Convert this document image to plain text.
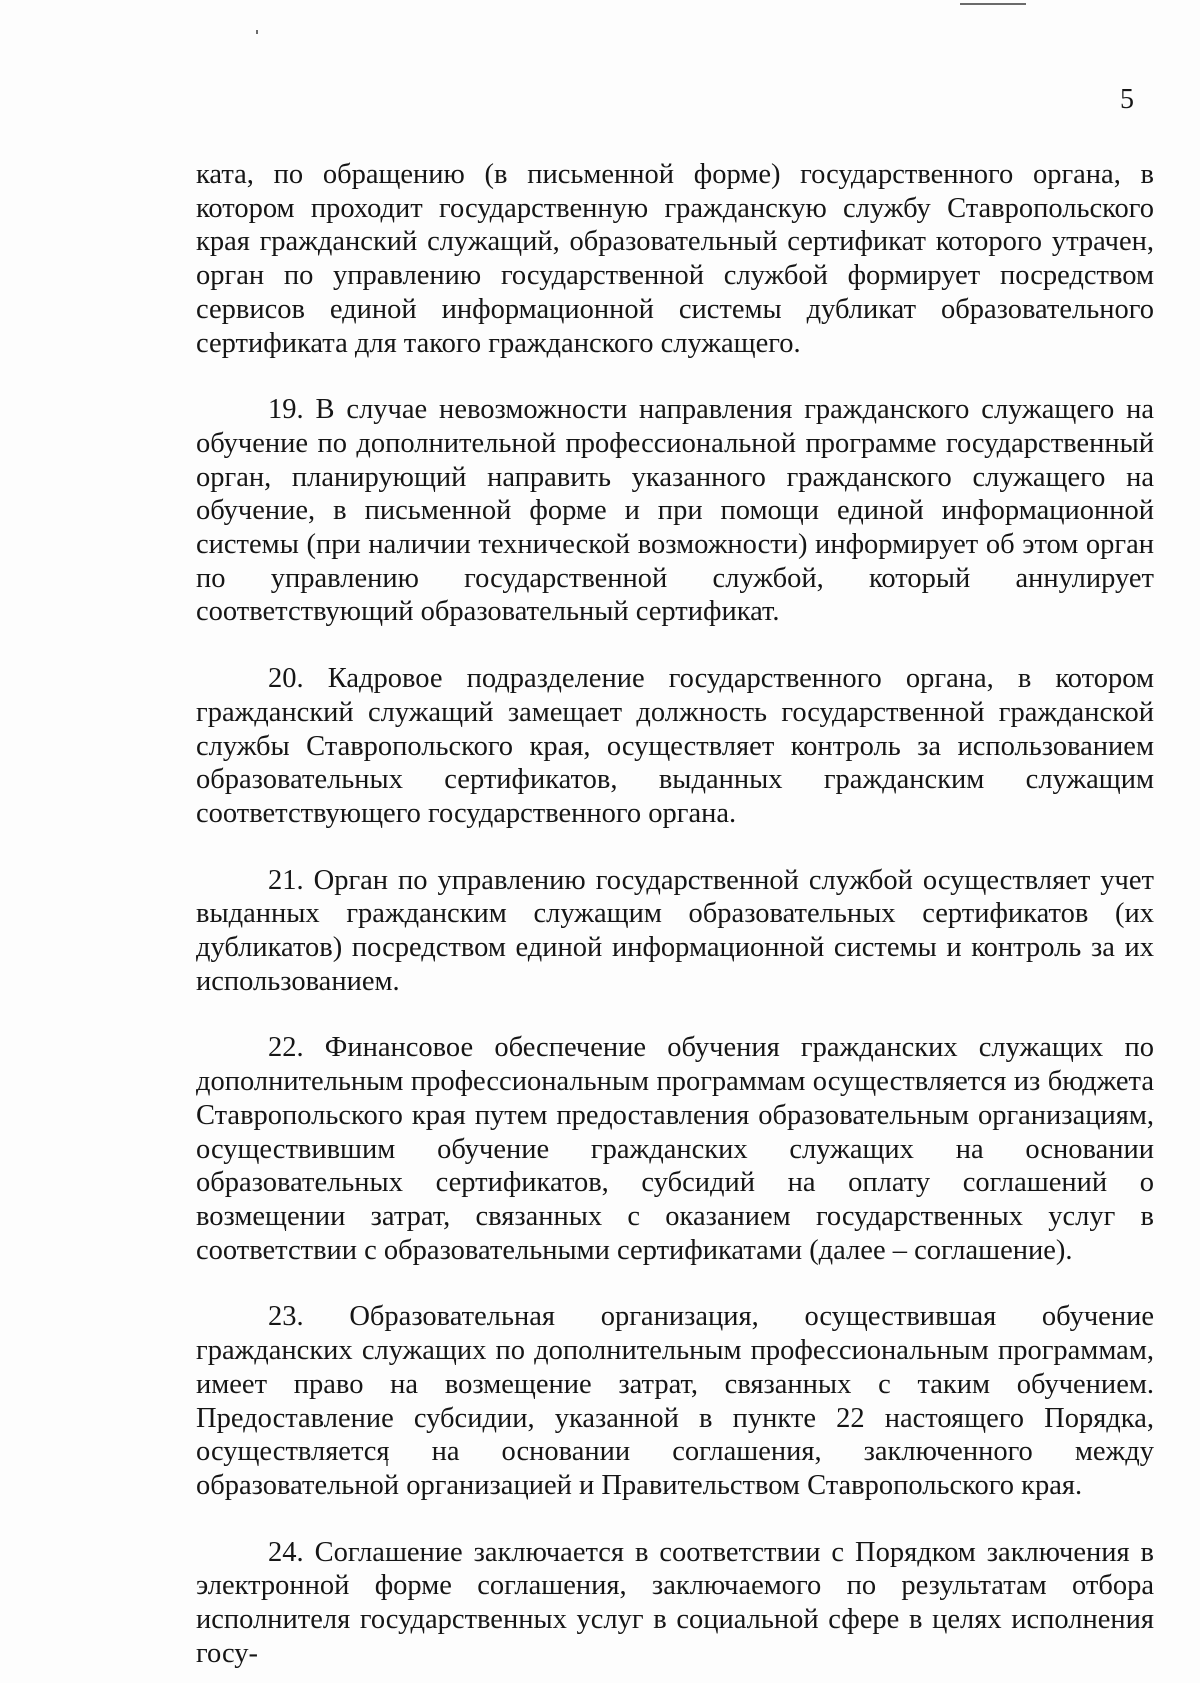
5

ката, по обращению (в письменной форме) государственного органа, в котором проходит государственную гражданскую службу Ставропольского края гражданский служащий, образовательный сертификат которого утрачен, орган по управлению государственной службой формирует посредством сервисов единой информационной системы дубликат образовательного сертификата для такого гражданского служащего.

19. В случае невозможности направления гражданского служащего на обучение по дополнительной профессиональной программе государственный орган, планирующий направить указанного гражданского служащего на обучение, в письменной форме и при помощи единой информационной системы (при наличии технической возможности) информирует об этом орган по управлению государственной службой, который аннулирует соответствующий образовательный сертификат.

20. Кадровое подразделение государственного органа, в котором гражданский служащий замещает должность государственной гражданской службы Ставропольского края, осуществляет контроль за использованием образовательных сертификатов, выданных гражданским служащим соответствующего государственного органа.

21. Орган по управлению государственной службой осуществляет учет выданных гражданским служащим образовательных сертификатов (их дубликатов) посредством единой информационной системы и контроль за их использованием.

22. Финансовое обеспечение обучения гражданских служащих по дополнительным профессиональным программам осуществляется из бюджета Ставропольского края путем предоставления образовательным организациям, осуществившим обучение гражданских служащих на основании образовательных сертификатов, субсидий на оплату соглашений о возмещении затрат, связанных с оказанием государственных услуг в соответствии с образовательными сертификатами (далее – соглашение).

23. Образовательная организация, осуществившая обучение гражданских служащих по дополнительным профессиональным программам, имеет право на возмещение затрат, связанных с таким обучением. Предоставление субсидии, указанной в пункте 22 настоящего Порядка, осуществляется на основании соглашения, заключенного между образовательной организацией и Правительством Ставропольского края.

24. Соглашение заключается в соответствии с Порядком заключения в электронной форме соглашения, заключаемого по результатам отбора исполнителя государственных услуг в социальной сфере в целях исполнения госу-
